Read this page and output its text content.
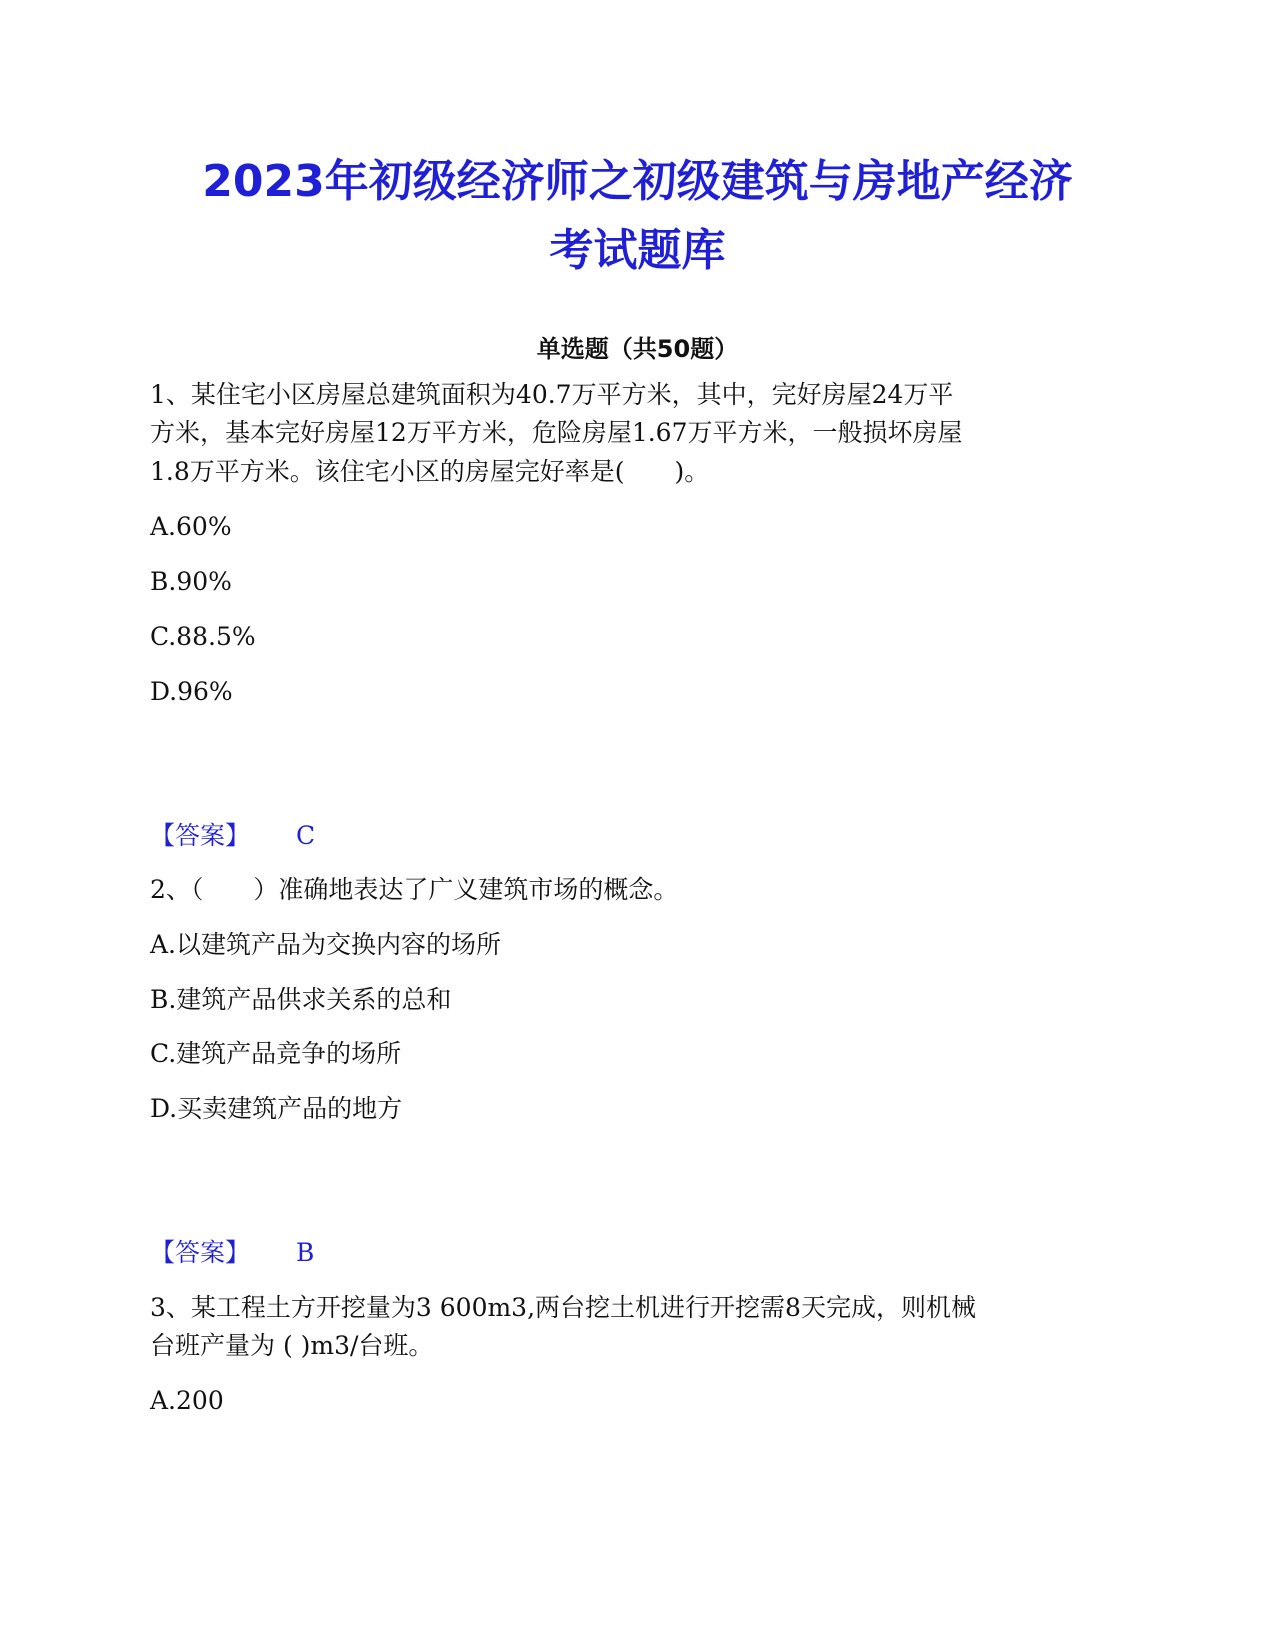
2023年初级经济师之初级建筑与房地产经济
考试题库
单选题（共50题）
1、某住宅小区房屋总建筑面积为40.7万平方米，其中，完好房屋24万平
方米，基本完好房屋12万平方米，危险房屋1.67万平方米，一般损坏房屋
1.8万平方米。该住宅小区的房屋完好率是(　　)。
A.60%
B.90%
C.88.5%
D.96%
【答案】 C
2、（　　）准确地表达了广义建筑市场的概念。
A.以建筑产品为交换内容的场所
B.建筑产品供求关系的总和
C.建筑产品竞争的场所
D.买卖建筑产品的地方
【答案】 B
3、某工程土方开挖量为3 600m3,两台挖土机进行开挖需8天完成，则机械
台班产量为 ( )m3/台班。
A.200
